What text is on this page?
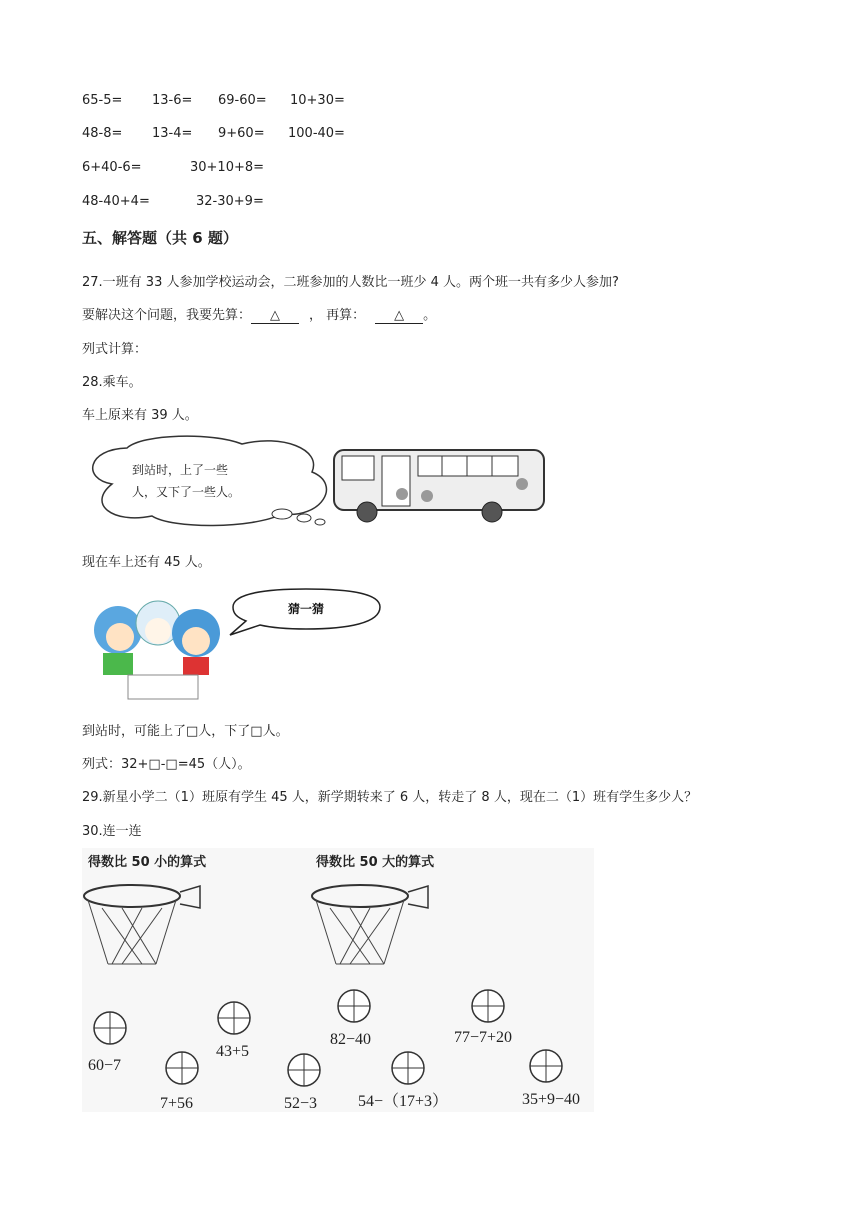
65-5= 13-6= 69-60= 10+30=
48-8= 13-4= 9+60= 100-40=
6+40-6=	30+10+8=
48-40+4=	32-30+9=
五、解答题（共 6 题）
27.一班有 33 人参加学校运动会，二班参加的人数比一班少 4 人。两个班一共有多少人参加?
要解决这个问题，我要先算： △ ， 再算： △ 。
列式计算：
28.乘车。
车上原来有 39 人。
到站时，上了一些
人，又下了一些人。
现在车上还有 45 人。
猜一猜
到站时，可能上了□人，下了□人。
列式：32+□-□=45（人）。
29.新星小学二（1）班原有学生 45 人，新学期转来了 6 人，转走了 8 人，现在二（1）班有学生多少人？
30.连一连
得数比 50 小的算式	得数比 50 大的算式
60−7
7+56
43+5
52−3
82−40
54−（17+3）
77−7+20
35+9−40
